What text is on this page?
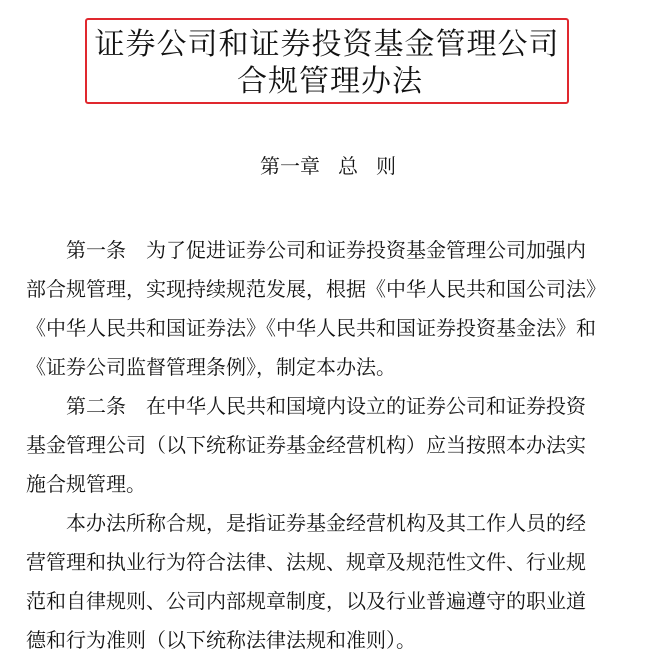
证券公司和证券投资基金管理公司
合规管理办法
第一章 总 则
第一条　为了促进证券公司和证券投资基金管理公司加强内
部合规管理，实现持续规范发展，根据《中华人民共和国公司法》
《中华人民共和国证券法》《中华人民共和国证券投资基金法》和
《证券公司监督管理条例》，制定本办法。
第二条　在中华人民共和国境内设立的证券公司和证券投资
基金管理公司（以下统称证券基金经营机构）应当按照本办法实
施合规管理。
本办法所称合规，是指证券基金经营机构及其工作人员的经
营管理和执业行为符合法律、法规、规章及规范性文件、行业规
范和自律规则、公司内部规章制度，以及行业普遍遵守的职业道
德和行为准则（以下统称法律法规和准则）。
